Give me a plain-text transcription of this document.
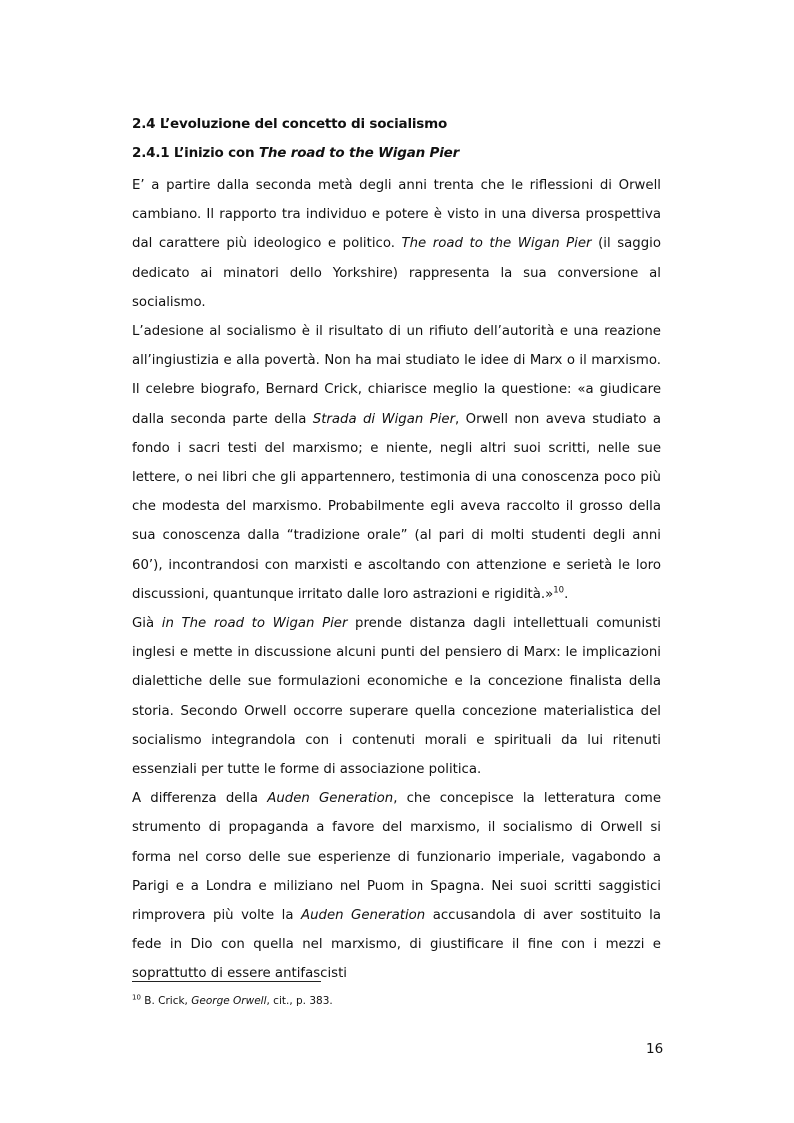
2.4 L’evoluzione del concetto di socialismo
2.4.1 L’inizio con The road to the Wigan Pier

E’ a partire dalla seconda metà degli anni trenta che le riflessioni di Orwell cambiano. Il rapporto tra individuo e potere è visto in una diversa prospettiva dal carattere più ideologico e politico. The road to the Wigan Pier (il saggio dedicato ai minatori dello Yorkshire) rappresenta la sua conversione al socialismo.

L’adesione al socialismo è il risultato di un rifiuto dell’autorità e una reazione all’ingiustizia e alla povertà. Non ha mai studiato le idee di Marx o il marxismo. Il celebre biografo, Bernard Crick, chiarisce meglio la questione: «a giudicare dalla seconda parte della Strada di Wigan Pier, Orwell non aveva studiato a fondo i sacri testi del marxismo; e niente, negli altri suoi scritti, nelle sue lettere, o nei libri che gli appartennero, testimonia di una conoscenza poco più che modesta del marxismo. Probabilmente egli aveva raccolto il grosso della sua conoscenza dalla “tradizione orale” (al pari di molti studenti degli anni 60’), incontrandosi con marxisti e ascoltando con attenzione e serietà le loro discussioni, quantunque irritato dalle loro astrazioni e rigidità.»$^{10}$.

Già in The road to Wigan Pier prende distanza dagli intellettuali comunisti inglesi e mette in discussione alcuni punti del pensiero di Marx: le implicazioni dialettiche delle sue formulazioni economiche e la concezione finalista della storia. Secondo Orwell occorre superare quella concezione materialistica del socialismo integrandola con i contenuti morali e spirituali da lui ritenuti essenziali per tutte le forme di associazione politica.

A differenza della Auden Generation, che concepisce la letteratura come strumento di propaganda a favore del marxismo, il socialismo di Orwell si forma nel corso delle sue esperienze di funzionario imperiale, vagabondo a Parigi e a Londra e miliziano nel Puom in Spagna. Nei suoi scritti saggistici rimprovera più volte la Auden Generation accusandola di aver sostituito la fede in Dio con quella nel marxismo, di giustificare il fine con i mezzi e soprattutto di essere antifascisti

$^{10}$ B. Crick, George Orwell, cit., p. 383.
16
